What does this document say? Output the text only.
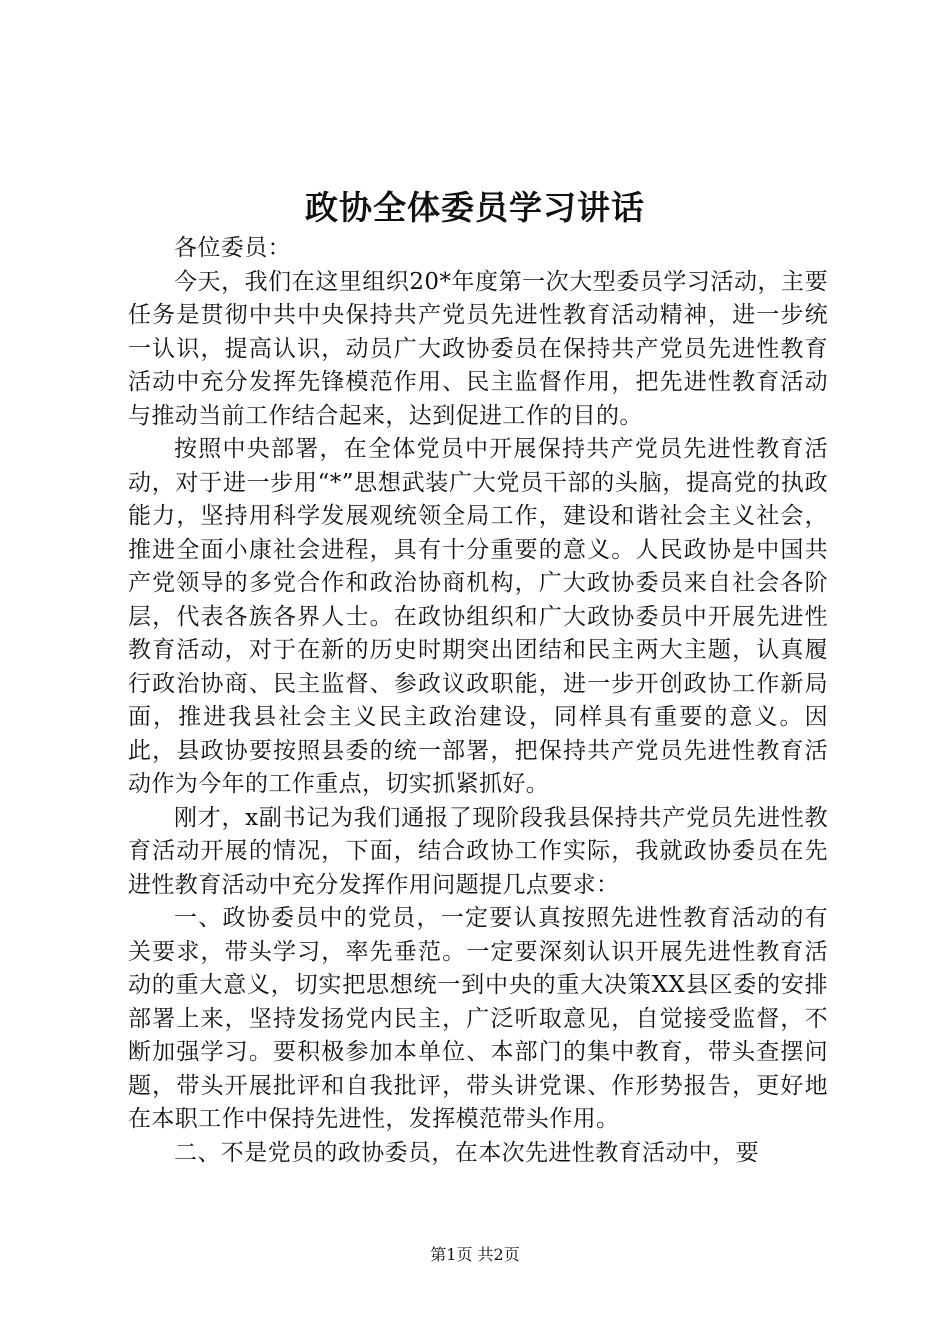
政协全体委员学习讲话

各位委员：

今天，我们在这里组织20*年度第一次大型委员学习活动，主要任务是贯彻中共中央保持共产党员先进性教育活动精神，进一步统一认识，提高认识，动员广大政协委员在保持共产党员先进性教育活动中充分发挥先锋模范作用、民主监督作用，把先进性教育活动与推动当前工作结合起来，达到促进工作的目的。

按照中央部署，在全体党员中开展保持共产党员先进性教育活动，对于进一步用“*”思想武装广大党员干部的头脑，提高党的执政能力，坚持用科学发展观统领全局工作，建设和谐社会主义社会，推进全面小康社会进程，具有十分重要的意义。人民政协是中国共产党领导的多党合作和政治协商机构，广大政协委员来自社会各阶层，代表各族各界人士。在政协组织和广大政协委员中开展先进性教育活动，对于在新的历史时期突出团结和民主两大主题，认真履行政治协商、民主监督、参政议政职能，进一步开创政协工作新局面，推进我县社会主义民主政治建设，同样具有重要的意义。因此，县政协要按照县委的统一部署，把保持共产党员先进性教育活动作为今年的工作重点，切实抓紧抓好。

刚才，x副书记为我们通报了现阶段我县保持共产党员先进性教育活动开展的情况，下面，结合政协工作实际，我就政协委员在先进性教育活动中充分发挥作用问题提几点要求：

一、政协委员中的党员，一定要认真按照先进性教育活动的有关要求，带头学习，率先垂范。一定要深刻认识开展先进性教育活动的重大意义，切实把思想统一到中央的重大决策XX县区委的安排部署上来，坚持发扬党内民主，广泛听取意见，自觉接受监督，不断加强学习。要积极参加本单位、本部门的集中教育，带头查摆问题，带头开展批评和自我批评，带头讲党课、作形势报告，更好地在本职工作中保持先进性，发挥模范带头作用。

二、不是党员的政协委员，在本次先进性教育活动中，要

第1页 共2页
